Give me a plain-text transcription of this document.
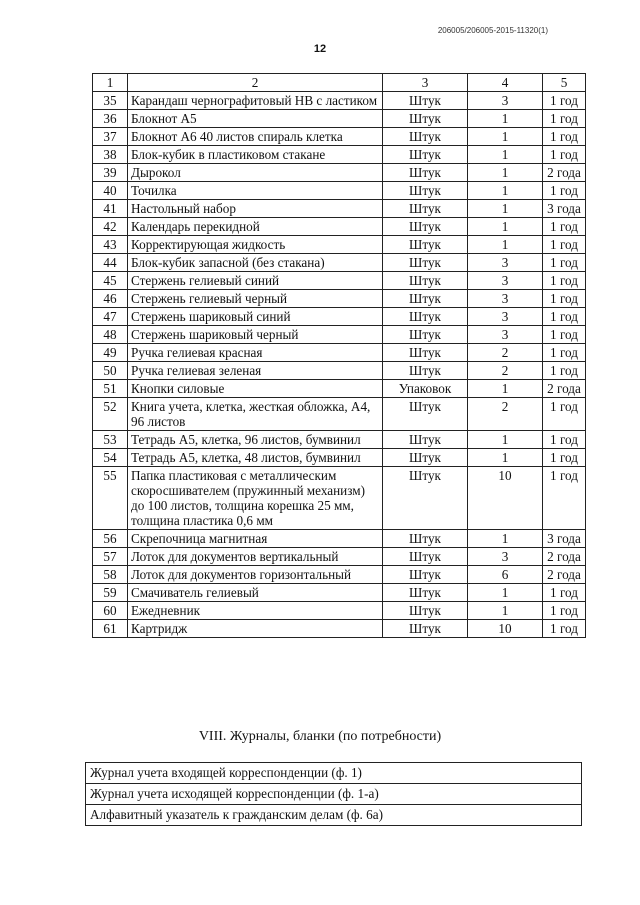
206005/206005-2015-11320(1)
12
1	2	3	4	5
35	Карандаш чернографитовый НВ с ластиком	Штук	3	1 год
36	Блокнот А5	Штук	1	1 год
37	Блокнот А6 40 листов спираль клетка	Штук	1	1 год
38	Блок-кубик в пластиковом стакане	Штук	1	1 год
39	Дырокол	Штук	1	2 года
40	Точилка	Штук	1	1 год
41	Настольный набор	Штук	1	3 года
42	Календарь перекидной	Штук	1	1 год
43	Корректирующая жидкость	Штук	1	1 год
44	Блок-кубик запасной (без стакана)	Штук	3	1 год
45	Стержень гелиевый синий	Штук	3	1 год
46	Стержень гелиевый черный	Штук	3	1 год
47	Стержень шариковый синий	Штук	3	1 год
48	Стержень шариковый черный	Штук	3	1 год
49	Ручка гелиевая красная	Штук	2	1 год
50	Ручка гелиевая зеленая	Штук	2	1 год
51	Кнопки силовые	Упаковок	1	2 года
52	Книга учета, клетка, жесткая обложка, А4, 96 листов	Штук	2	1 год
53	Тетрадь А5, клетка, 96 листов, бумвинил	Штук	1	1 год
54	Тетрадь А5, клетка, 48 листов, бумвинил	Штук	1	1 год
55	Папка пластиковая с металлическим скоросшивателем (пружинный механизм) до 100 листов, толщина корешка 25 мм, толщина пластика 0,6 мм	Штук	10	1 год
56	Скрепочница магнитная	Штук	1	3 года
57	Лоток для документов вертикальный	Штук	3	2 года
58	Лоток для документов горизонтальный	Штук	6	2 года
59	Смачиватель гелиевый	Штук	1	1 год
60	Ежедневник	Штук	1	1 год
61	Картридж	Штук	10	1 год
VIII. Журналы, бланки (по потребности)
Журнал учета входящей корреспонденции (ф. 1)
Журнал учета исходящей корреспонденции (ф. 1-а)
Алфавитный указатель к гражданским делам (ф. 6а)
